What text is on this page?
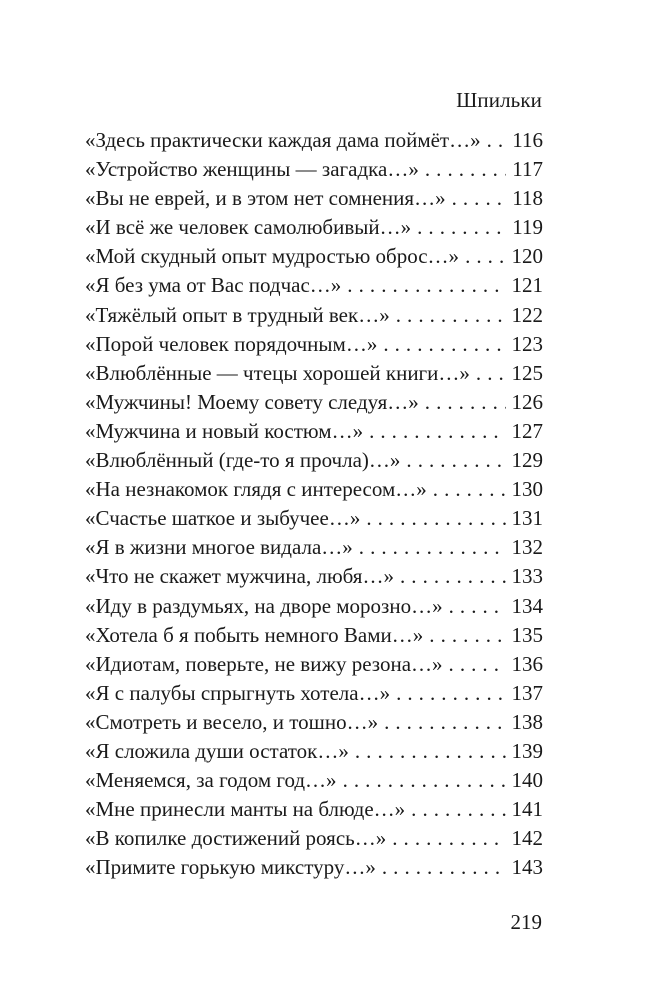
Шпильки
«Здесь практически каждая дама поймёт…» . . . 116
«Устройство женщины — загадка…» . . .	117
«Вы не еврей, и в этом нет сомнения…» . . .	118
«И всё же человек самолюбивый…» . . .	119
«Мой скудный опыт мудростью оброс…» . . . 120
«Я без ума от Вас подчас…» . . .	121
«Тяжёлый опыт в трудный век…» . . .	122
«Порой человек порядочным…» . . .	123
«Влюблённые — чтецы хорошей книги…» . . . 125
«Мужчины! Моему совету следуя…» . . .	126
«Мужчина и новый костюм…» . . .	127
«Влюблённый (где-то я прочла)…» . . .	129
«На незнакомок глядя с интересом…» . . .	130
«Счастье шаткое и зыбучее…» . . .	131
«Я в жизни многое видала…» . . .	132
«Что не скажет мужчина, любя…» . . .	133
«Иду в раздумьях, на дворе морозно…» . . .	134
«Хотела б я побыть немного Вами…» . . .	135
«Идиотам, поверьте, не вижу резона…» . . .	136
«Я с палубы спрыгнуть хотела…» . . .	137
«Смотреть и весело, и тошно…» . . .	138
«Я сложила души остаток…» . . .	139
«Меняемся, за годом год…» . . .	140
«Мне принесли манты на блюде…» . . .	141
«В копилке достижений роясь…» . . .	142
«Примите горькую микстуру…» . . .	143
219
